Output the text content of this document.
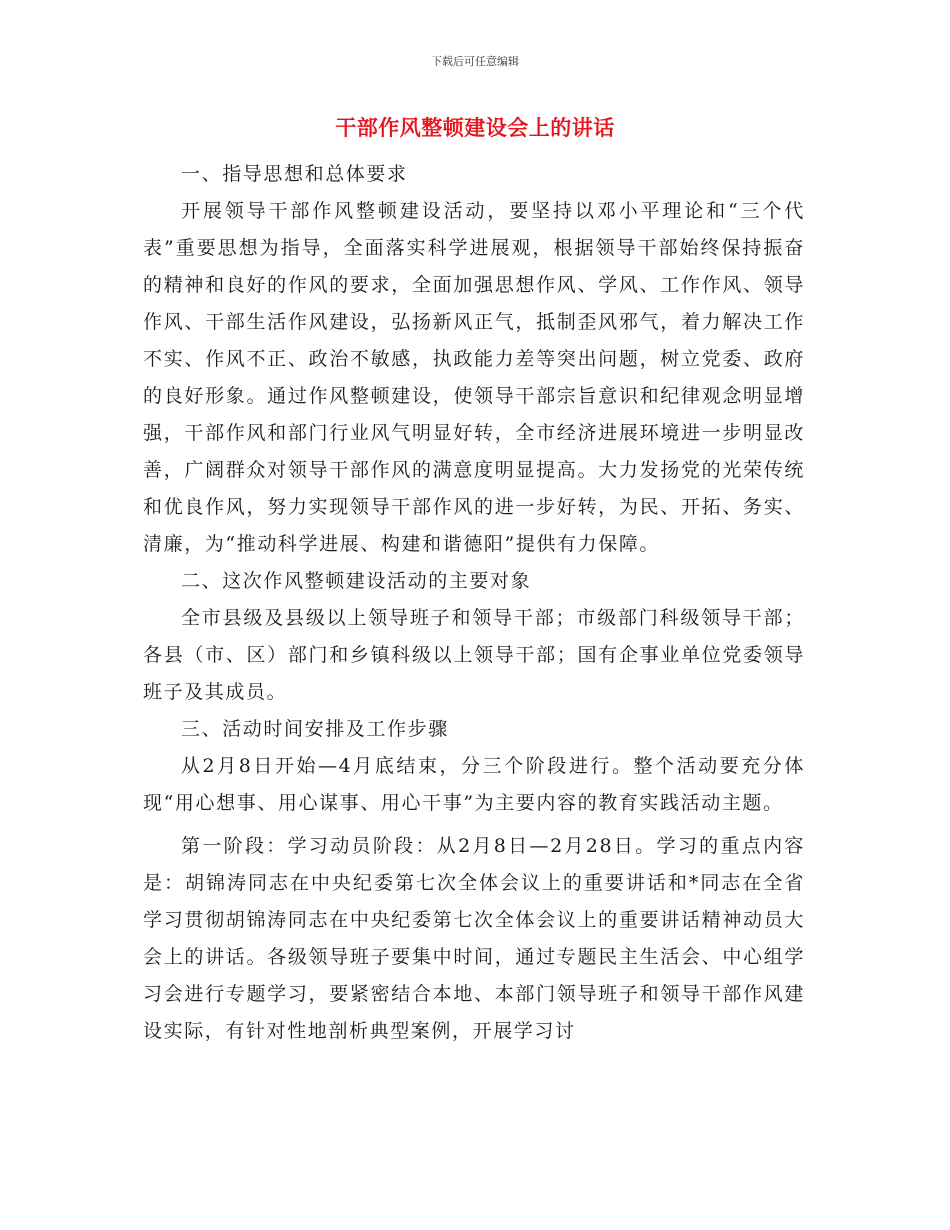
下载后可任意编辑
干部作风整顿建设会上的讲话

一、指导思想和总体要求

开展领导干部作风整顿建设活动，要坚持以邓小平理论和“三个代表”重要思想为指导，全面落实科学进展观，根据领导干部始终保持振奋的精神和良好的作风的要求，全面加强思想作风、学风、工作作风、领导作风、干部生活作风建设，弘扬新风正气，抵制歪风邪气，着力解决工作不实、作风不正、政治不敏感，执政能力差等突出问题，树立党委、政府的良好形象。通过作风整顿建设，使领导干部宗旨意识和纪律观念明显增强，干部作风和部门行业风气明显好转，全市经济进展环境进一步明显改善，广阔群众对领导干部作风的满意度明显提高。大力发扬党的光荣传统和优良作风，努力实现领导干部作风的进一步好转，为民、开拓、务实、清廉，为“推动科学进展、构建和谐德阳”提供有力保障。

二、这次作风整顿建设活动的主要对象

全市县级及县级以上领导班子和领导干部；市级部门科级领导干部；各县（市、区）部门和乡镇科级以上领导干部；国有企事业单位党委领导班子及其成员。

三、活动时间安排及工作步骤

从2月8日开始—4月底结束，分三个阶段进行。整个活动要充分体现“用心想事、用心谋事、用心干事”为主要内容的教育实践活动主题。

第一阶段：学习动员阶段：从2月8日—2月28日。学习的重点内容是：胡锦涛同志在中央纪委第七次全体会议上的重要讲话和*同志在全省学习贯彻胡锦涛同志在中央纪委第七次全体会议上的重要讲话精神动员大会上的讲话。各级领导班子要集中时间，通过专题民主生活会、中心组学习会进行专题学习，要紧密结合本地、本部门领导班子和领导干部作风建设实际，有针对性地剖析典型案例，开展学习讨
